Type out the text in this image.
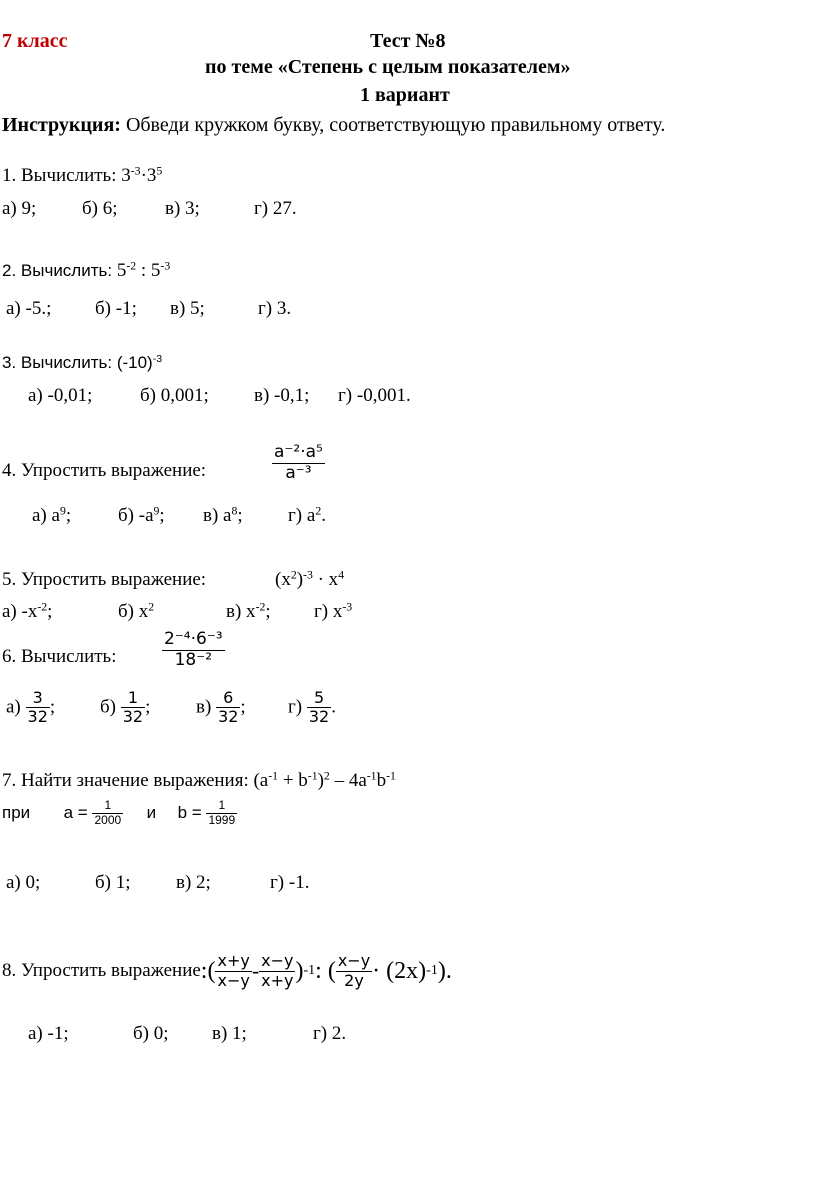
7 класс	Тест №8
по теме «Степень с целым показателем»
1 вариант
Инструкция: Обведи кружком букву, соответствующую правильному ответу.
1. Вычислить: $3^{-3}\cdot 3^5$
а) 9; б) 6; в) 3;	г) 27.
2. Вычислить: $5^{-2}$ : $5^{-3}$
а) -5.; б) -1; в) 5;	г) 3.
3. Вычислить: $(-10)^{-3}$
а) -0,01;	б) 0,001; в) -0,1; г) -0,001.
4. Упростить выражение:	$\frac{\text{a⁻²·a⁵}}{\text{a⁻³}}$
а) $а^9$; б) $-а^9$; в) $а^8$; г) $а^2$.
5. Упростить выражение:	$(x^2)^{-3} \cdot x^4$
а) $-x^{-2}$;	б) $x^2$	в) $x^{-2}$; г) $x^{-3}$
6. Вычислить:	$\frac{\text{2⁻⁴·6⁻³}}{\text{18⁻²}}$
$а) \frac{3}{32}$ ; $б) \frac{1}{32}$ ; $в) \frac{6}{32}$ ; $г) \frac{5}{32}$ .
7. Найти значение выражения: $(a^{-1} + b^{-1})^2 - 4a^{-1}b^{-1}$
при $a = \frac{1}{2000}$ и $b = \frac{1}{1999}$
а) 0;	б) 1; в) 2;	г) -1.
8. Упростить выражение : ( $\frac{x+y}{x-y} - \frac{x-y}{x+y}$ ) -1 : ( $\frac{x-y}{2y} \cdot (2x)$ -1 ).
а) -1;	б) 0; в) 1;	г) 2.
